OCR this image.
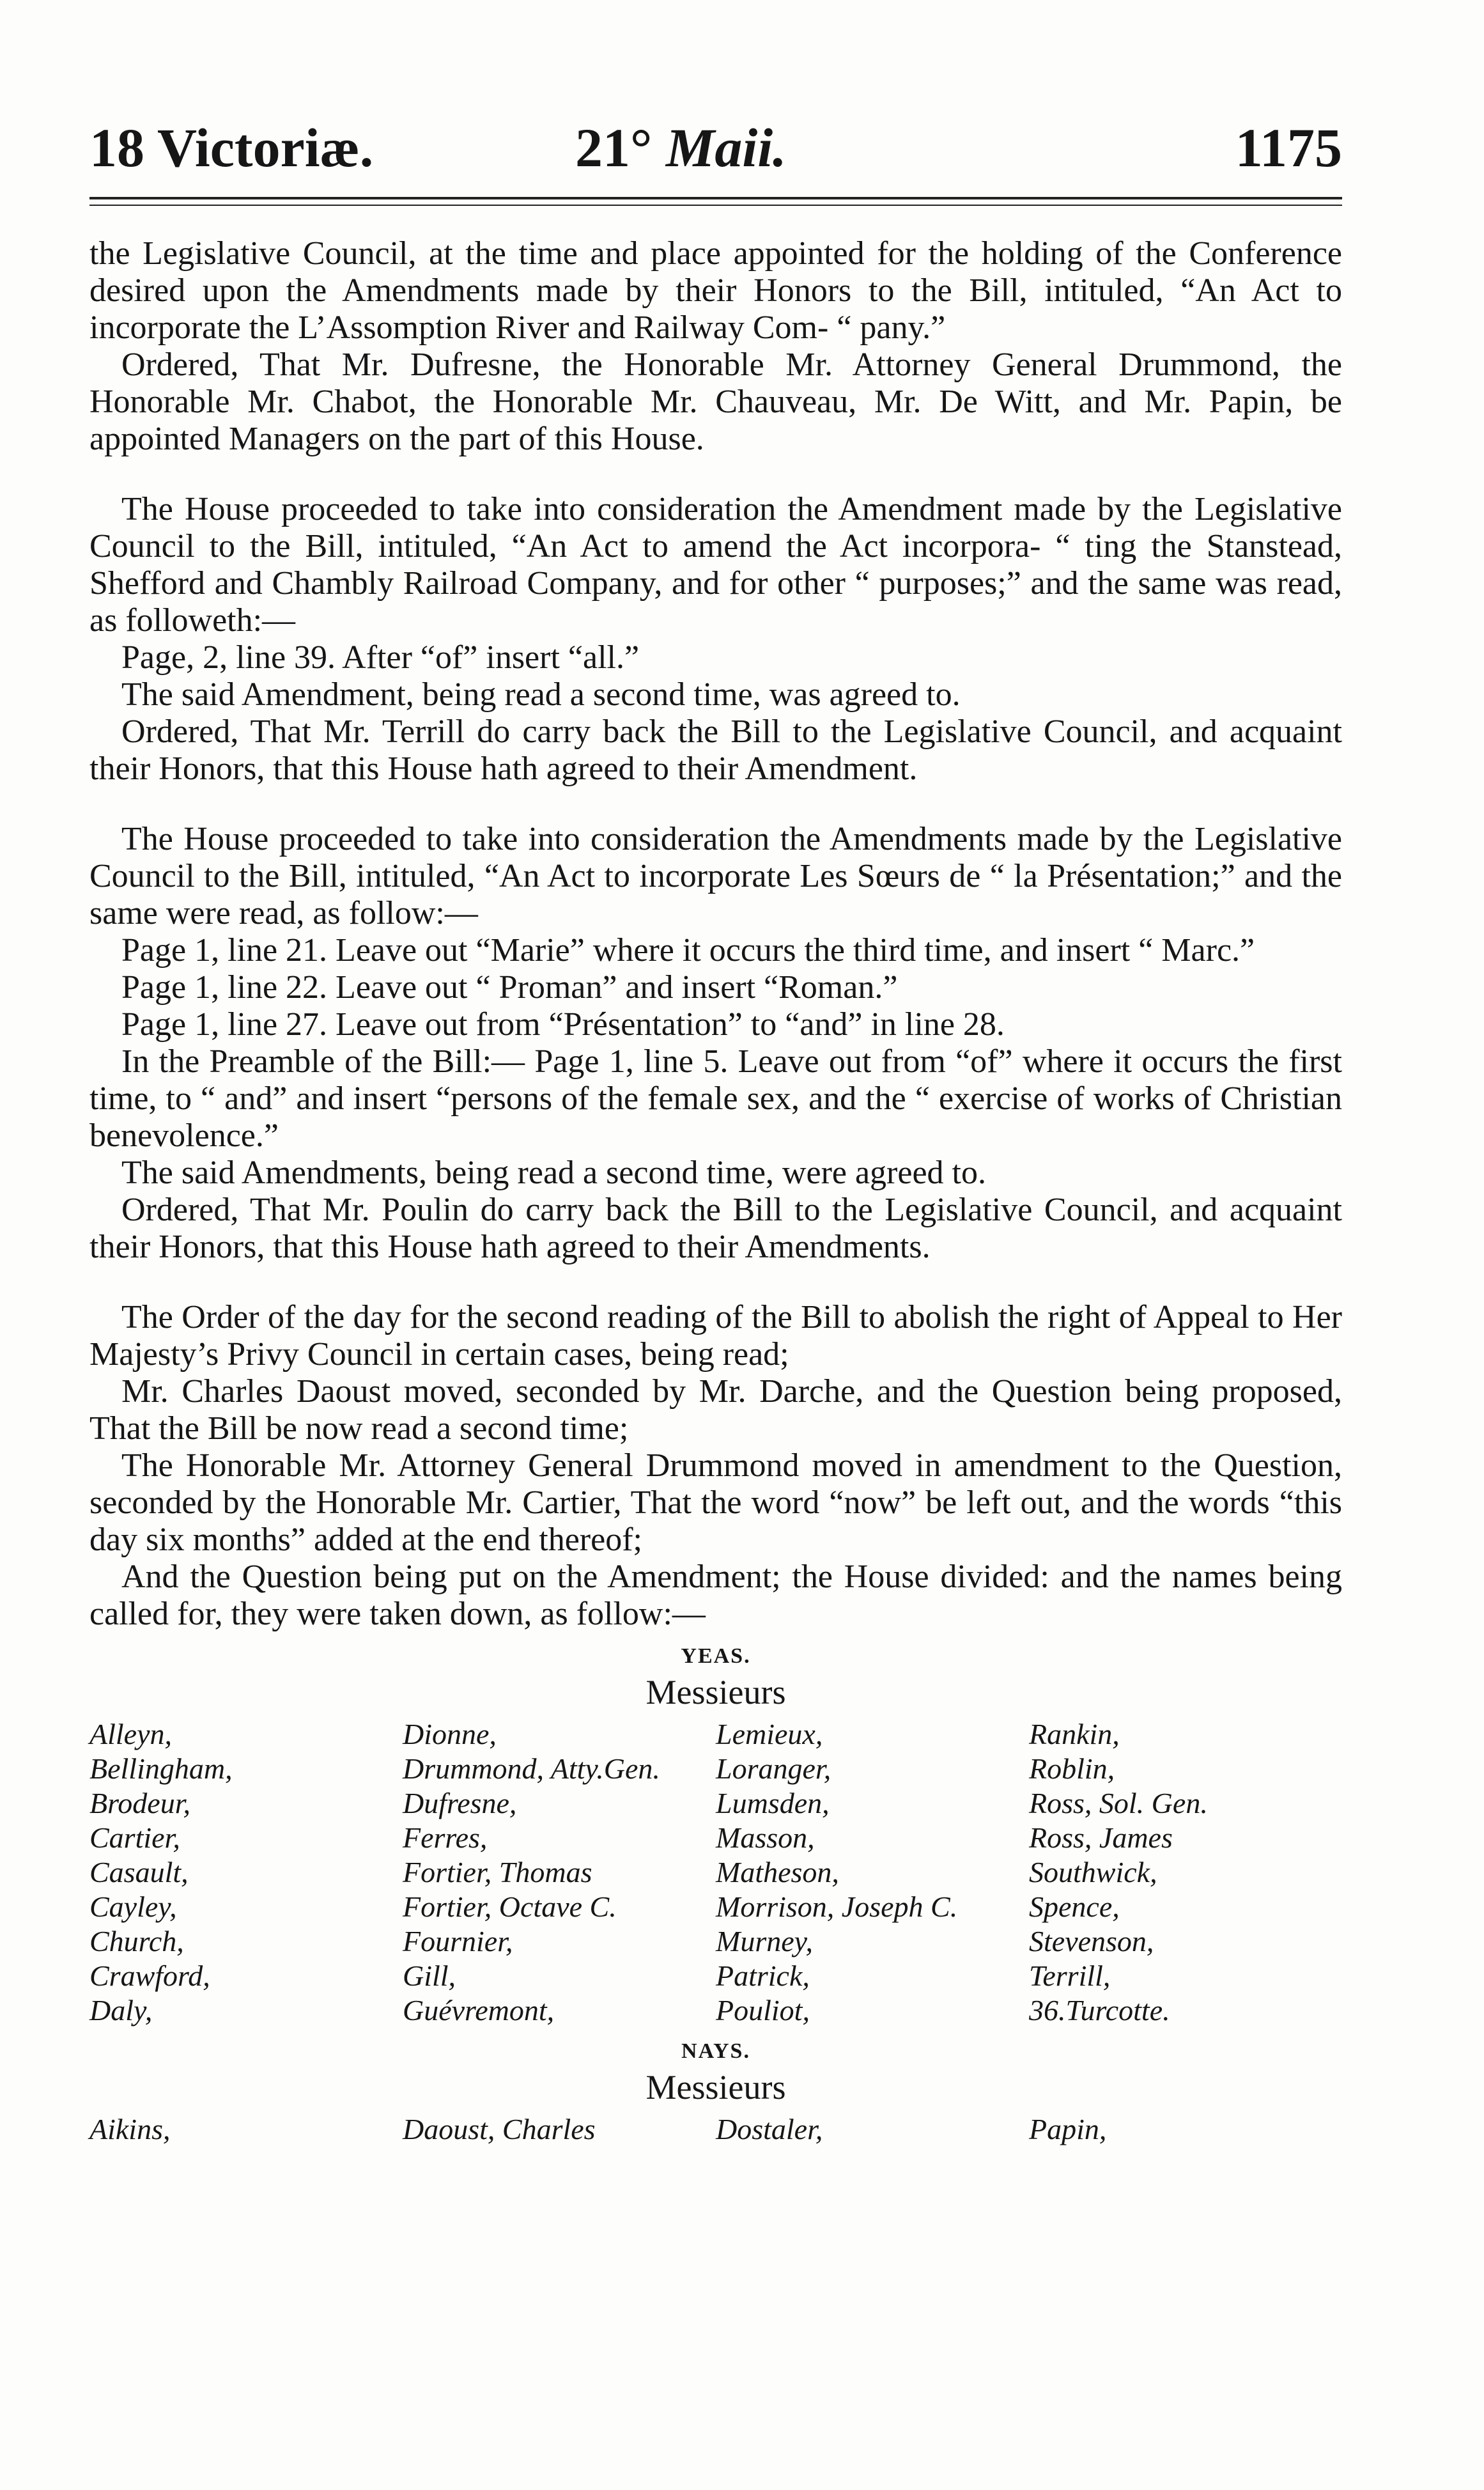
18 Victoriæ.	21° Maii.	1175

the Legislative Council, at the time and place appointed for the holding of the Conference desired upon the Amendments made by their Honors to the Bill, intituled, “An Act to incorporate the L’Assomption River and Railway Com- “ pany.”

Ordered, That Mr. Dufresne, the Honorable Mr. Attorney General Drummond, the Honorable Mr. Chabot, the Honorable Mr. Chauveau, Mr. De Witt, and Mr. Papin, be appointed Managers on the part of this House.

The House proceeded to take into consideration the Amendment made by the Legislative Council to the Bill, intituled, “An Act to amend the Act incorpora- “ ting the Stanstead, Shefford and Chambly Railroad Company, and for other “ purposes;” and the same was read, as followeth:—

Page, 2, line 39. After “of” insert “all.”

The said Amendment, being read a second time, was agreed to.

Ordered, That Mr. Terrill do carry back the Bill to the Legislative Council, and acquaint their Honors, that this House hath agreed to their Amendment.

The House proceeded to take into consideration the Amendments made by the Legislative Council to the Bill, intituled, “An Act to incorporate Les Sœurs de “ la Présentation;” and the same were read, as follow:—

Page 1, line 21. Leave out “Marie” where it occurs the third time, and insert “ Marc.”

Page 1, line 22. Leave out “ Proman” and insert “Roman.”

Page 1, line 27. Leave out from “Présentation” to “and” in line 28.

In the Preamble of the Bill:— Page 1, line 5. Leave out from “of” where it occurs the first time, to “ and” and insert “persons of the female sex, and the “ exercise of works of Christian benevolence.”

The said Amendments, being read a second time, were agreed to.

Ordered, That Mr. Poulin do carry back the Bill to the Legislative Council, and acquaint their Honors, that this House hath agreed to their Amendments.

The Order of the day for the second reading of the Bill to abolish the right of Appeal to Her Majesty’s Privy Council in certain cases, being read;

Mr. Charles Daoust moved, seconded by Mr. Darche, and the Question being proposed, That the Bill be now read a second time;

The Honorable Mr. Attorney General Drummond moved in amendment to the Question, seconded by the Honorable Mr. Cartier, That the word “now” be left out, and the words “this day six months” added at the end thereof;

And the Question being put on the Amendment; the House divided: and the names being called for, they were taken down, as follow:—

YEAS.
Messieurs
Alleyn,	Dionne,	Lemieux,	Rankin,
Bellingham,	Drummond, Atty.Gen.	Loranger,	Roblin,
Brodeur,	Dufresne,	Lumsden,	Ross, Sol. Gen.
Cartier,	Ferres,	Masson,	Ross, James
Casault,	Fortier, Thomas	Matheson,	Southwick,
Cayley,	Fortier, Octave C.	Morrison, Joseph C.	Spence,
Church,	Fournier,	Murney,	Stevenson,
Crawford,	Gill,	Patrick,	Terrill,
Daly,	Guévremont,	Pouliot,	36.Turcotte.
NAYS.
Messieurs
Aikins,	Daoust, Charles	Dostaler,	Papin,
